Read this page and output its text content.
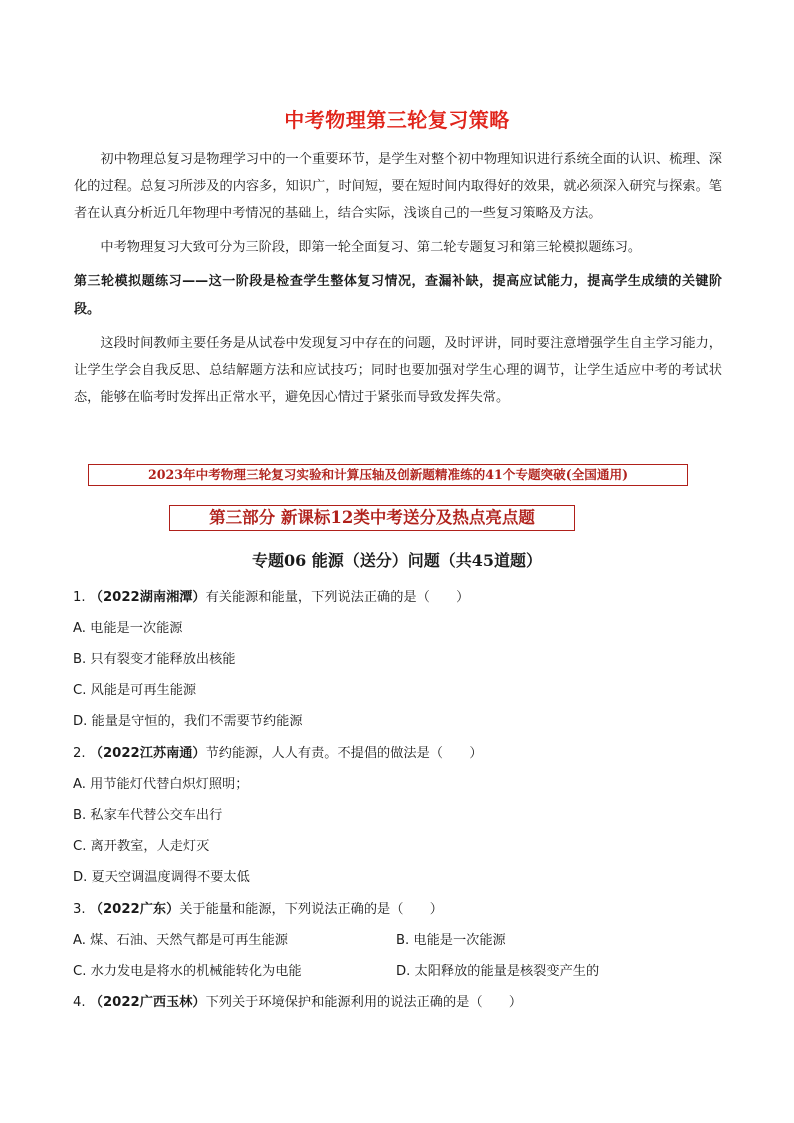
中考物理第三轮复习策略

初中物理总复习是物理学习中的一个重要环节，是学生对整个初中物理知识进行系统全面的认识、梳理、深化的过程。总复习所涉及的内容多，知识广，时间短，要在短时间内取得好的效果，就必须深入研究与探索。笔者在认真分析近几年物理中考情况的基础上，结合实际，浅谈自己的一些复习策略及方法。

中考物理复习大致可分为三阶段，即第一轮全面复习、第二轮专题复习和第三轮模拟题练习。

第三轮模拟题练习——这一阶段是检查学生整体复习情况，查漏补缺，提高应试能力，提高学生成绩的关键阶段。

这段时间教师主要任务是从试卷中发现复习中存在的问题，及时评讲，同时要注意增强学生自主学习能力，让学生学会自我反思、总结解题方法和应试技巧；同时也要加强对学生心理的调节，让学生适应中考的考试状态，能够在临考时发挥出正常水平，避免因心情过于紧张而导致发挥失常。

2023年中考物理三轮复习实验和计算压轴及创新题精准练的41个专题突破(全国通用)
第三部分 新课标12类中考送分及热点亮点题
专题06 能源（送分）问题（共45道题）
1. （2022湖南湘潭）有关能源和能量，下列说法正确的是（　　）
A. 电能是一次能源
B. 只有裂变才能释放出核能
C. 风能是可再生能源
D. 能量是守恒的，我们不需要节约能源
2. （2022江苏南通）节约能源，人人有责。不提倡的做法是（　　）
A. 用节能灯代替白炽灯照明；
B. 私家车代替公交车出行
C. 离开教室，人走灯灭
D. 夏天空调温度调得不要太低
3. （2022广东）关于能量和能源，下列说法正确的是（　　）
A. 煤、石油、天然气都是可再生能源	B. 电能是一次能源
C. 水力发电是将水的机械能转化为电能	D. 太阳释放的能量是核裂变产生的
4. （2022广西玉林）下列关于环境保护和能源利用的说法正确的是（　　）
